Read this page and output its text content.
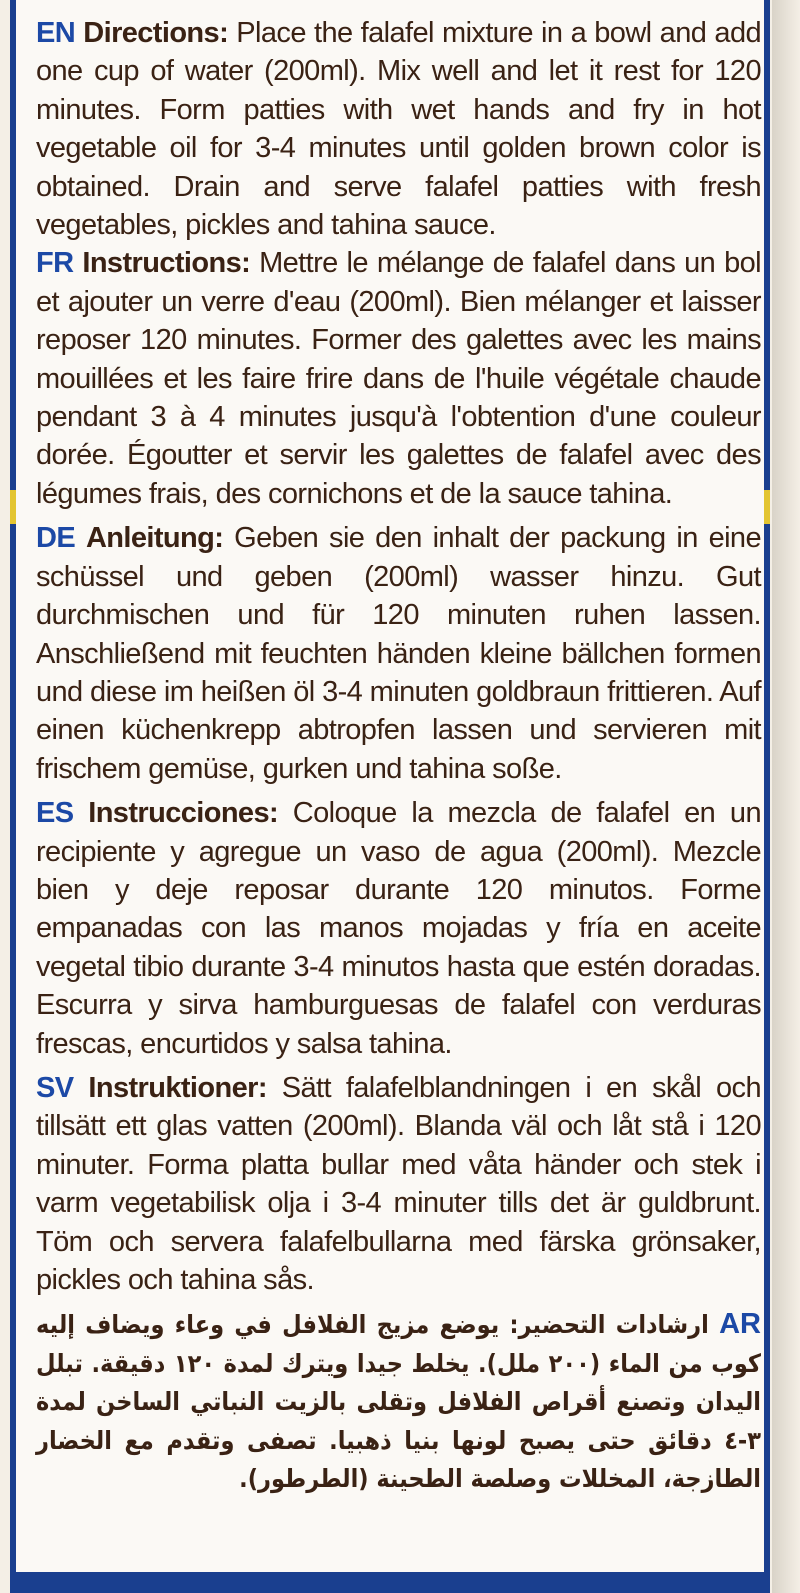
EN Directions: Place the falafel mixture in a bowl and add one cup of water (200ml). Mix well and let it rest for 120 minutes. Form patties with wet hands and fry in hot vegetable oil for 3-4 minutes until golden brown color is obtained. Drain and serve falafel patties with fresh vegetables, pickles and tahina sauce.
FR Instructions: Mettre le mélange de falafel dans un bol et ajouter un verre d'eau (200ml). Bien mélanger et laisser reposer 120 minutes. Former des galettes avec les mains mouillées et les faire frire dans de l'huile végétale chaude pendant 3 à 4 minutes jusqu'à l'obtention d'une couleur dorée. Égoutter et servir les galettes de falafel avec des légumes frais, des cornichons et de la sauce tahina.
DE Anleitung: Geben sie den inhalt der packung in eine schüssel und geben (200ml) wasser hinzu. Gut durchmischen und für 120 minuten ruhen lassen. Anschließend mit feuchten händen kleine bällchen formen und diese im heißen öl 3-4 minuten goldbraun frittieren. Auf einen küchenkrepp abtropfen lassen und servieren mit frischem gemüse, gurken und tahina soße.
ES Instrucciones: Coloque la mezcla de falafel en un recipiente y agregue un vaso de agua (200ml). Mezcle bien y deje reposar durante 120 minutos. Forme empanadas con las manos mojadas y fría en aceite vegetal tibio durante 3-4 minutos hasta que estén doradas. Escurra y sirva hamburguesas de falafel con verduras frescas, encurtidos y salsa tahina.
SV Instruktioner: Sätt falafelblandningen i en skål och tillsätt ett glas vatten (200ml). Blanda väl och låt stå i 120 minuter. Forma platta bullar med våta händer och stek i varm vegetabilisk olja i 3-4 minuter tills det är guldbrunt. Töm och servera falafelbullarna med färska grönsaker, pickles och tahina sås.
AR ارشادات التحضير: يوضع مزيج الفلافل في وعاء ويضاف إليه كوب من الماء (٢٠٠ ملل). يخلط جيدا ويترك لمدة ١٢٠ دقيقة. تبلل اليدان وتصنع أقراص الفلافل وتقلى بالزيت النباتي الساخن لمدة ٣-٤ دقائق حتى يصبح لونها بنيا ذهبيا. تصفى وتقدم مع الخضار الطازجة، المخللات وصلصة الطحينة (الطرطور).
